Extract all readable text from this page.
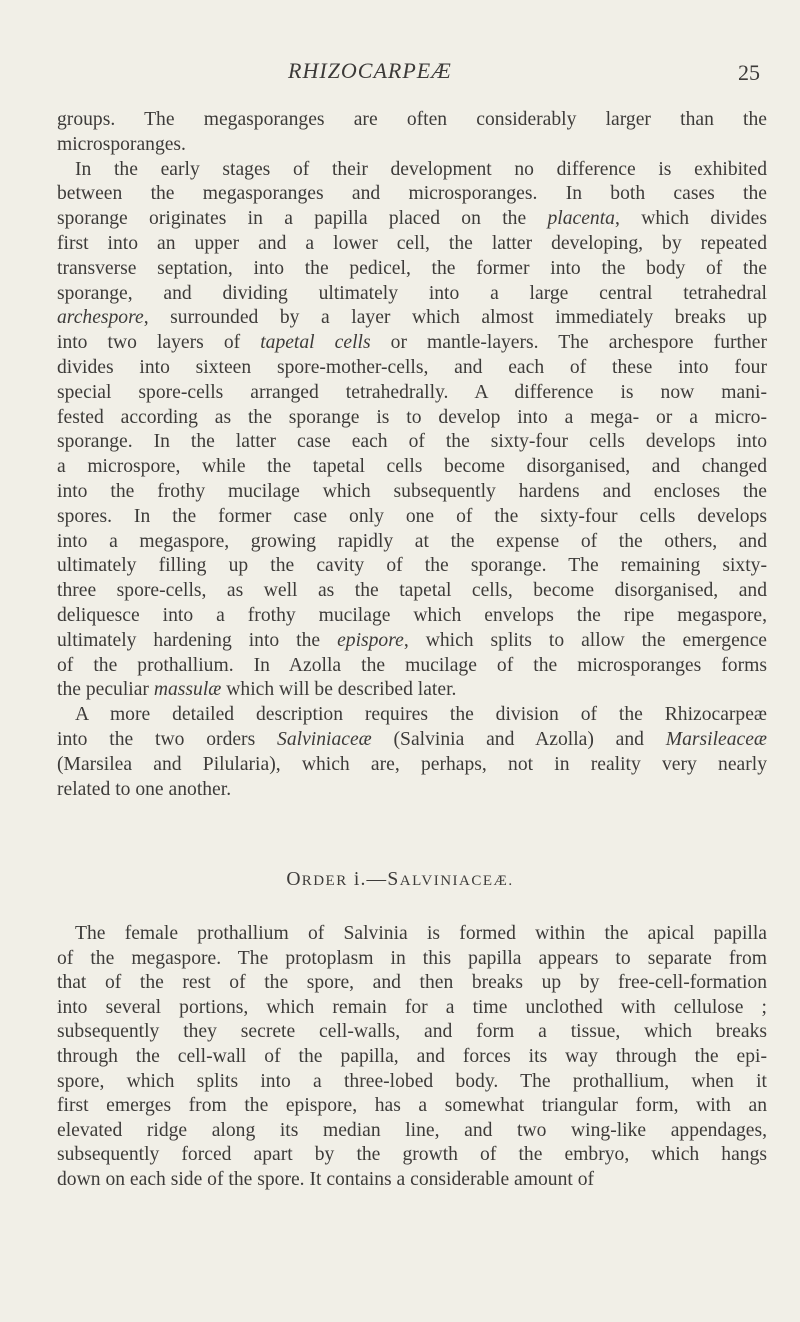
RHIZOCARPEÆ	25
groups. The megasporanges are often considerably larger than the
microsporanges.
In the early stages of their development no difference is exhibited
between the megasporanges and microsporanges. In both cases the
sporange originates in a papilla placed on the placenta, which divides
first into an upper and a lower cell, the latter developing, by repeated
transverse septation, into the pedicel, the former into the body of the
sporange, and dividing ultimately into a large central tetrahedral
archespore, surrounded by a layer which almost immediately breaks up
into two layers of tapetal cells or mantle-layers. The archespore further
divides into sixteen spore-mother-cells, and each of these into four
special spore-cells arranged tetrahedrally. A difference is now mani-
fested according as the sporange is to develop into a mega- or a micro-
sporange. In the latter case each of the sixty-four cells develops into
a microspore, while the tapetal cells become disorganised, and changed
into the frothy mucilage which subsequently hardens and encloses the
spores. In the former case only one of the sixty-four cells develops
into a megaspore, growing rapidly at the expense of the others, and
ultimately filling up the cavity of the sporange. The remaining sixty-
three spore-cells, as well as the tapetal cells, become disorganised, and
deliquesce into a frothy mucilage which envelops the ripe megaspore,
ultimately hardening into the epispore, which splits to allow the emergence
of the prothallium. In Azolla the mucilage of the microsporanges forms
the peculiar massulæ which will be described later.
A more detailed description requires the division of the Rhizocarpeæ
into the two orders Salviniaceæ (Salvinia and Azolla) and Marsileaceæ
(Marsilea and Pilularia), which are, perhaps, not in reality very nearly
related to one another.
ORDER i.—SALVINIACEÆ.
The female prothallium of Salvinia is formed within the apical papilla
of the megaspore. The protoplasm in this papilla appears to separate from
that of the rest of the spore, and then breaks up by free-cell-formation
into several portions, which remain for a time unclothed with cellulose ;
subsequently they secrete cell-walls, and form a tissue, which breaks
through the cell-wall of the papilla, and forces its way through the epi-
spore, which splits into a three-lobed body. The prothallium, when it
first emerges from the epispore, has a somewhat triangular form, with an
elevated ridge along its median line, and two wing-like appendages,
subsequently forced apart by the growth of the embryo, which hangs
down on each side of the spore. It contains a considerable amount of
